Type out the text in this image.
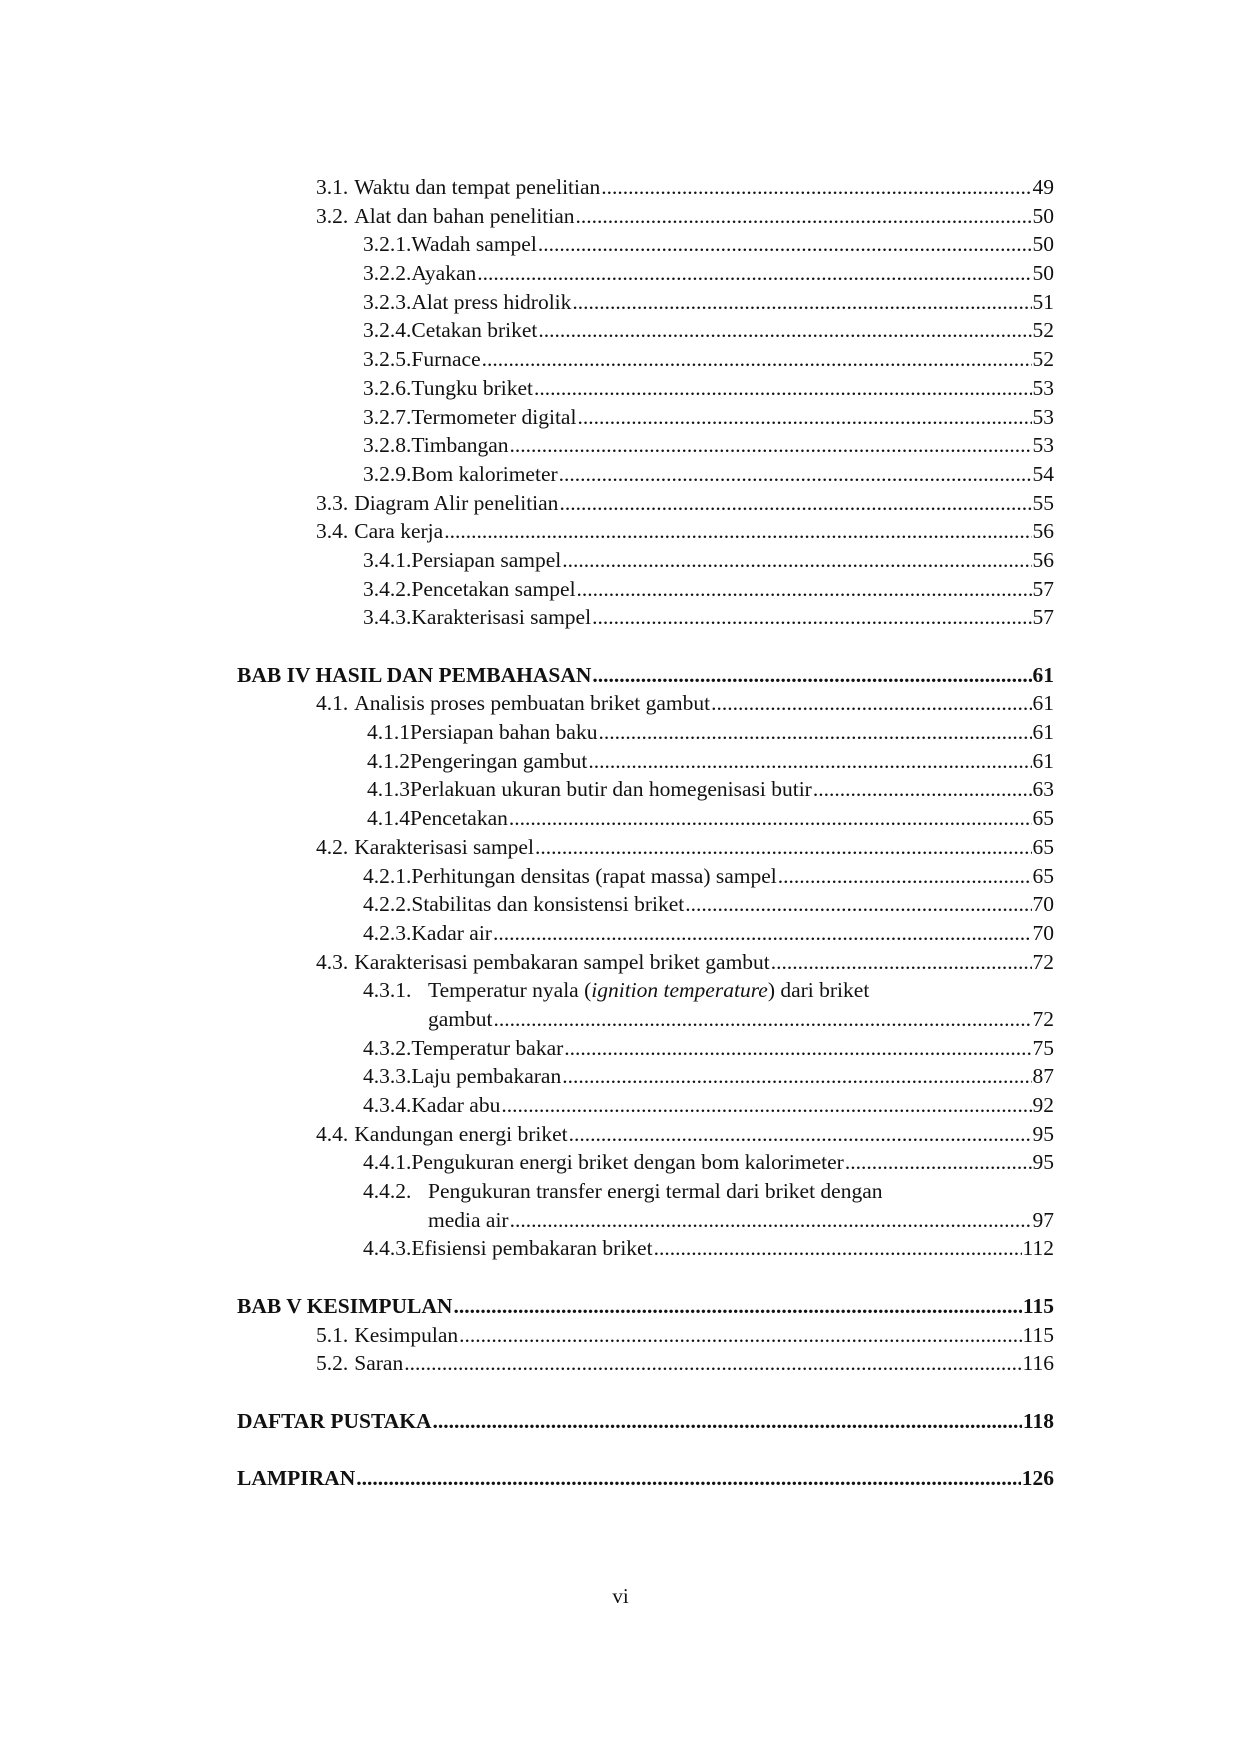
3.1. Waktu dan tempat penelitian .....	49
3.2. Alat dan bahan penelitian .....	50
3.2.1. Wadah sampel .....	50
3.2.2. Ayakan .....	50
3.2.3. Alat press hidrolik .....	51
3.2.4. Cetakan briket .....	52
3.2.5. Furnace .....	52
3.2.6. Tungku briket .....	53
3.2.7. Termometer digital .....	53
3.2.8. Timbangan .....	53
3.2.9. Bom kalorimeter .....	54
3.3. Diagram Alir penelitian .....	55
3.4. Cara kerja .....	56
3.4.1. Persiapan sampel .....	56
3.4.2. Pencetakan sampel .....	57
3.4.3. Karakterisasi sampel .....	57
BAB IV HASIL DAN PEMBAHASAN .....	61
4.1. Analisis proses pembuatan briket gambut .....	61
4.1.1 Persiapan bahan baku .....	61
4.1.2 Pengeringan gambut .....	61
4.1.3 Perlakuan ukuran butir dan homegenisasi butir .....	63
4.1.4 Pencetakan .....	65
4.2. Karakterisasi sampel .....	65
4.2.1. Perhitungan densitas (rapat massa) sampel .....	65
4.2.2. Stabilitas dan konsistensi briket .....	70
4.2.3. Kadar air .....	70
4.3. Karakterisasi pembakaran sampel briket gambut .....	72
4.3.1. Temperatur nyala (ignition temperature) dari briket
gambut .....	72
4.3.2. Temperatur bakar .....	75
4.3.3. Laju pembakaran .....	87
4.3.4. Kadar abu .....	92
4.4. Kandungan energi briket .....	95
4.4.1. Pengukuran energi briket dengan bom kalorimeter .....	95
4.4.2. Pengukuran transfer energi termal dari briket dengan
media air .....	97
4.4.3. Efisiensi pembakaran briket .....	112
BAB V KESIMPULAN .....	115
5.1. Kesimpulan .....	115
5.2. Saran .....	116
DAFTAR PUSTAKA .....	118
LAMPIRAN .....	126
vi
